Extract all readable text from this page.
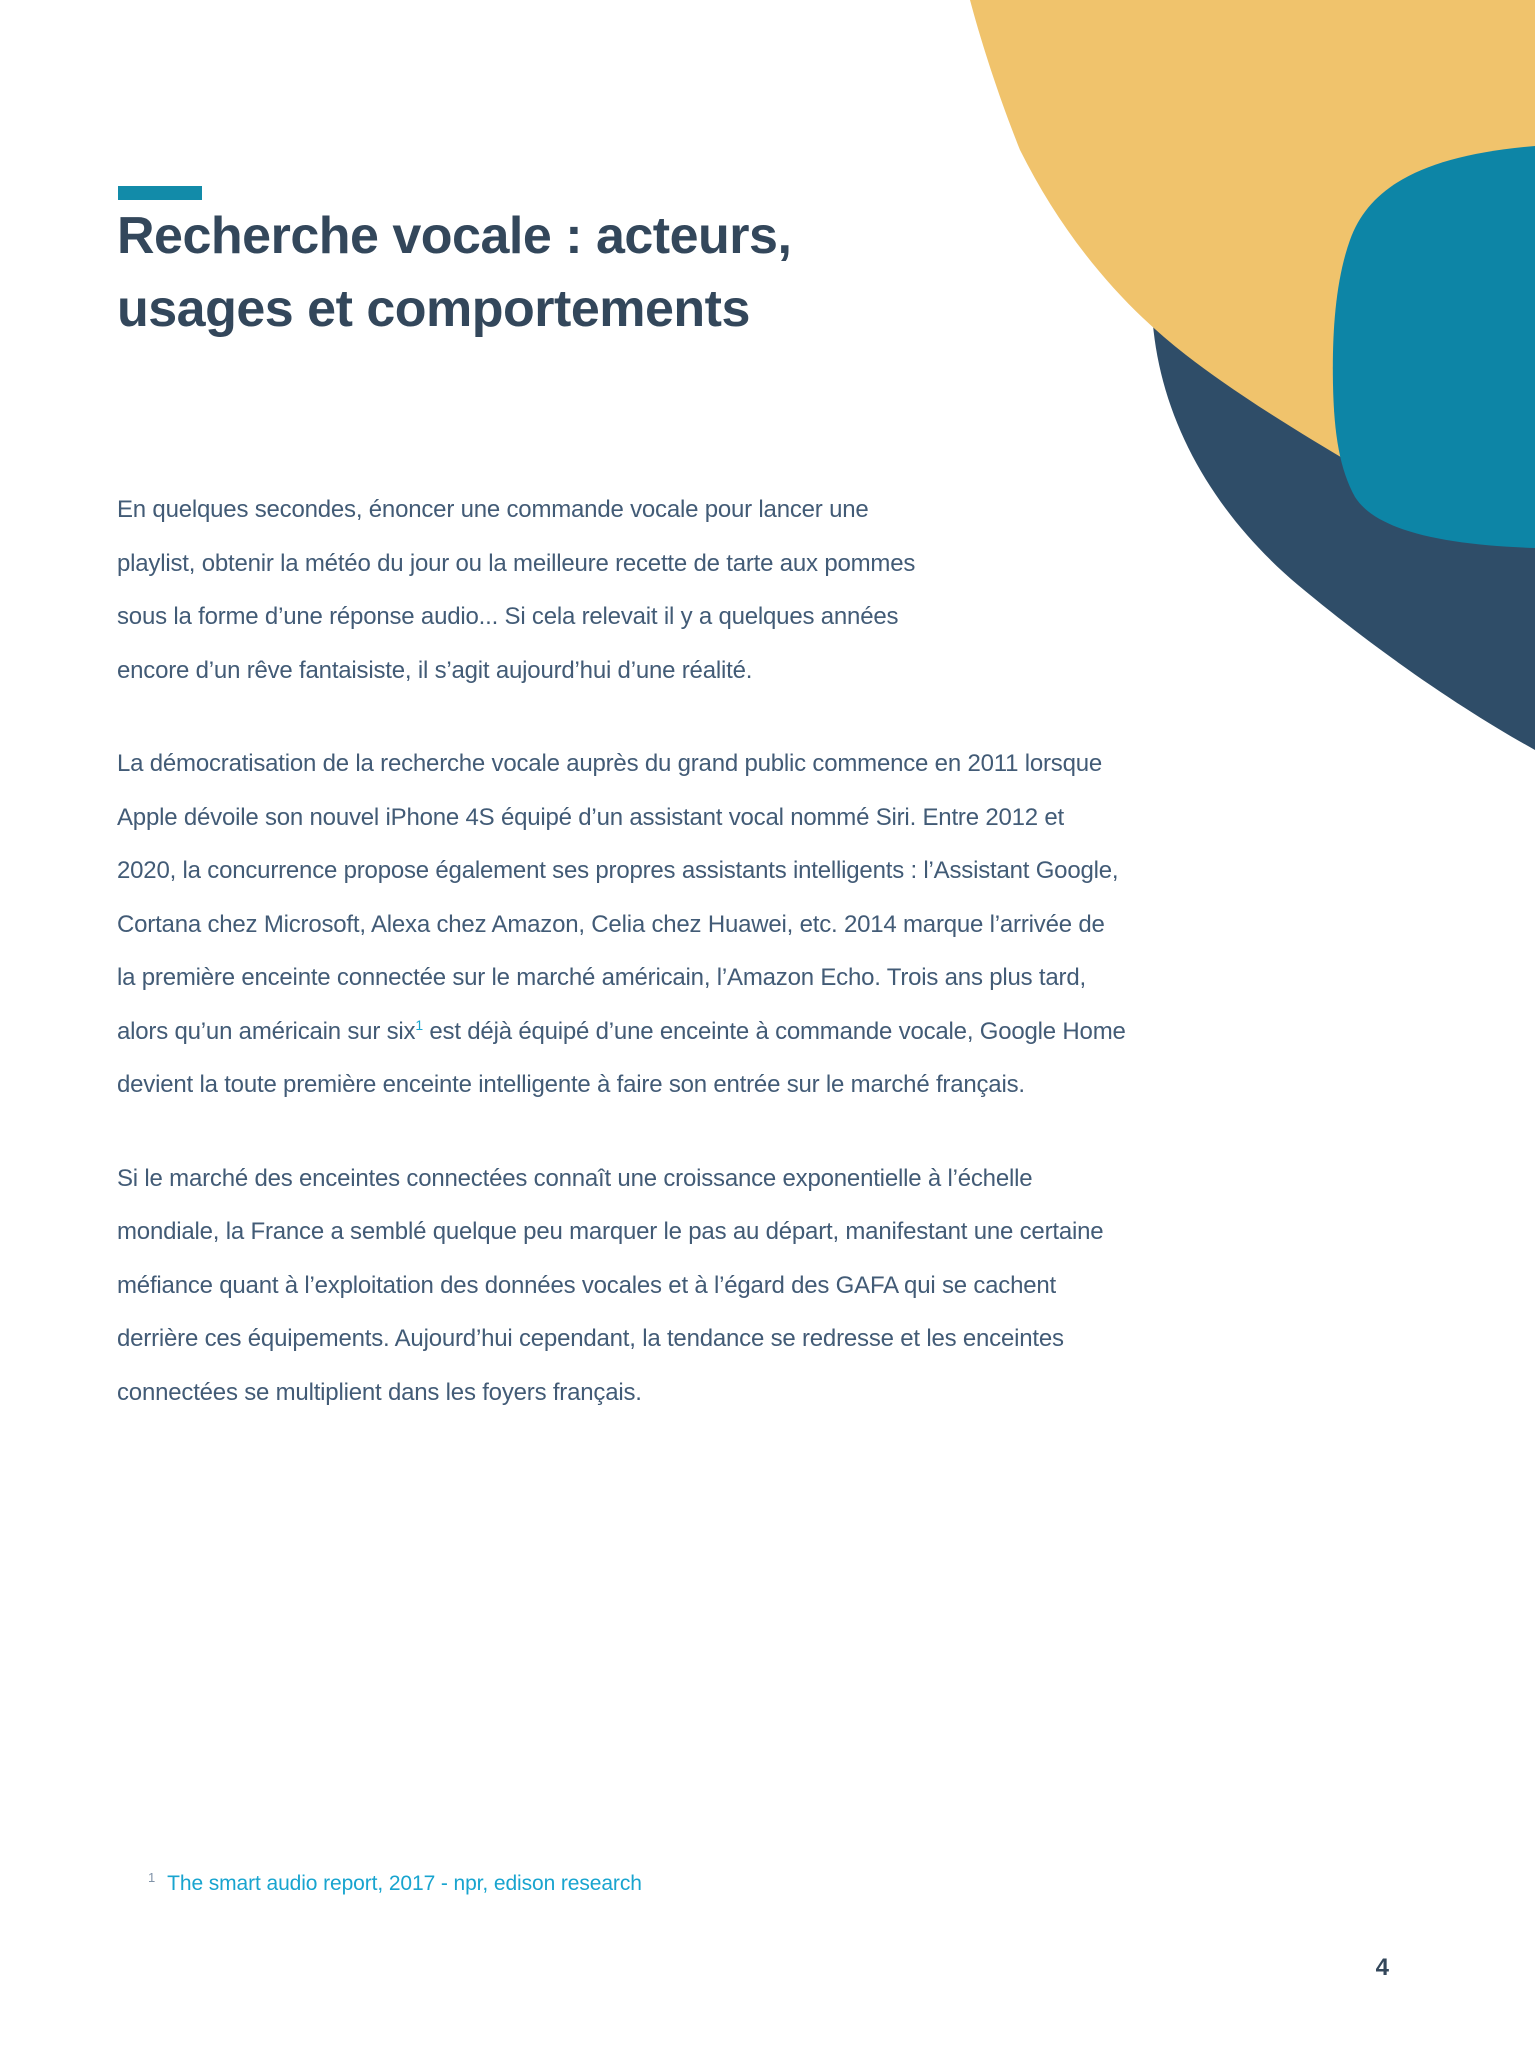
Recherche vocale : acteurs,
usages et comportements

En quelques secondes, énoncer une commande vocale pour lancer une playlist, obtenir la météo du jour ou la meilleure recette de tarte aux pommes sous la forme d’une réponse audio... Si cela relevait il y a quelques années encore d’un rêve fantaisiste, il s’agit aujourd’hui d’une réalité.

La démocratisation de la recherche vocale auprès du grand public commence en 2011 lorsque Apple dévoile son nouvel iPhone 4S équipé d’un assistant vocal nommé Siri. Entre 2012 et 2020, la concurrence propose également ses propres assistants intelligents : l’Assistant Google, Cortana chez Microsoft, Alexa chez Amazon, Celia chez Huawei, etc. 2014 marque l’arrivée de la première enceinte connectée sur le marché américain, l’Amazon Echo. Trois ans plus tard, alors qu’un américain sur six$^1$ est déjà équipé d’une enceinte à commande vocale, Google Home devient la toute première enceinte intelligente à faire son entrée sur le marché français.

Si le marché des enceintes connectées connaît une croissance exponentielle à l’échelle mondiale, la France a semblé quelque peu marquer le pas au départ, manifestant une certaine méfiance quant à l’exploitation des données vocales et à l’égard des GAFA qui se cachent derrière ces équipements. Aujourd’hui cependant, la tendance se redresse et les enceintes connectées se multiplient dans les foyers français.

$^1$ The smart audio report, 2017 - npr, edison research
4
